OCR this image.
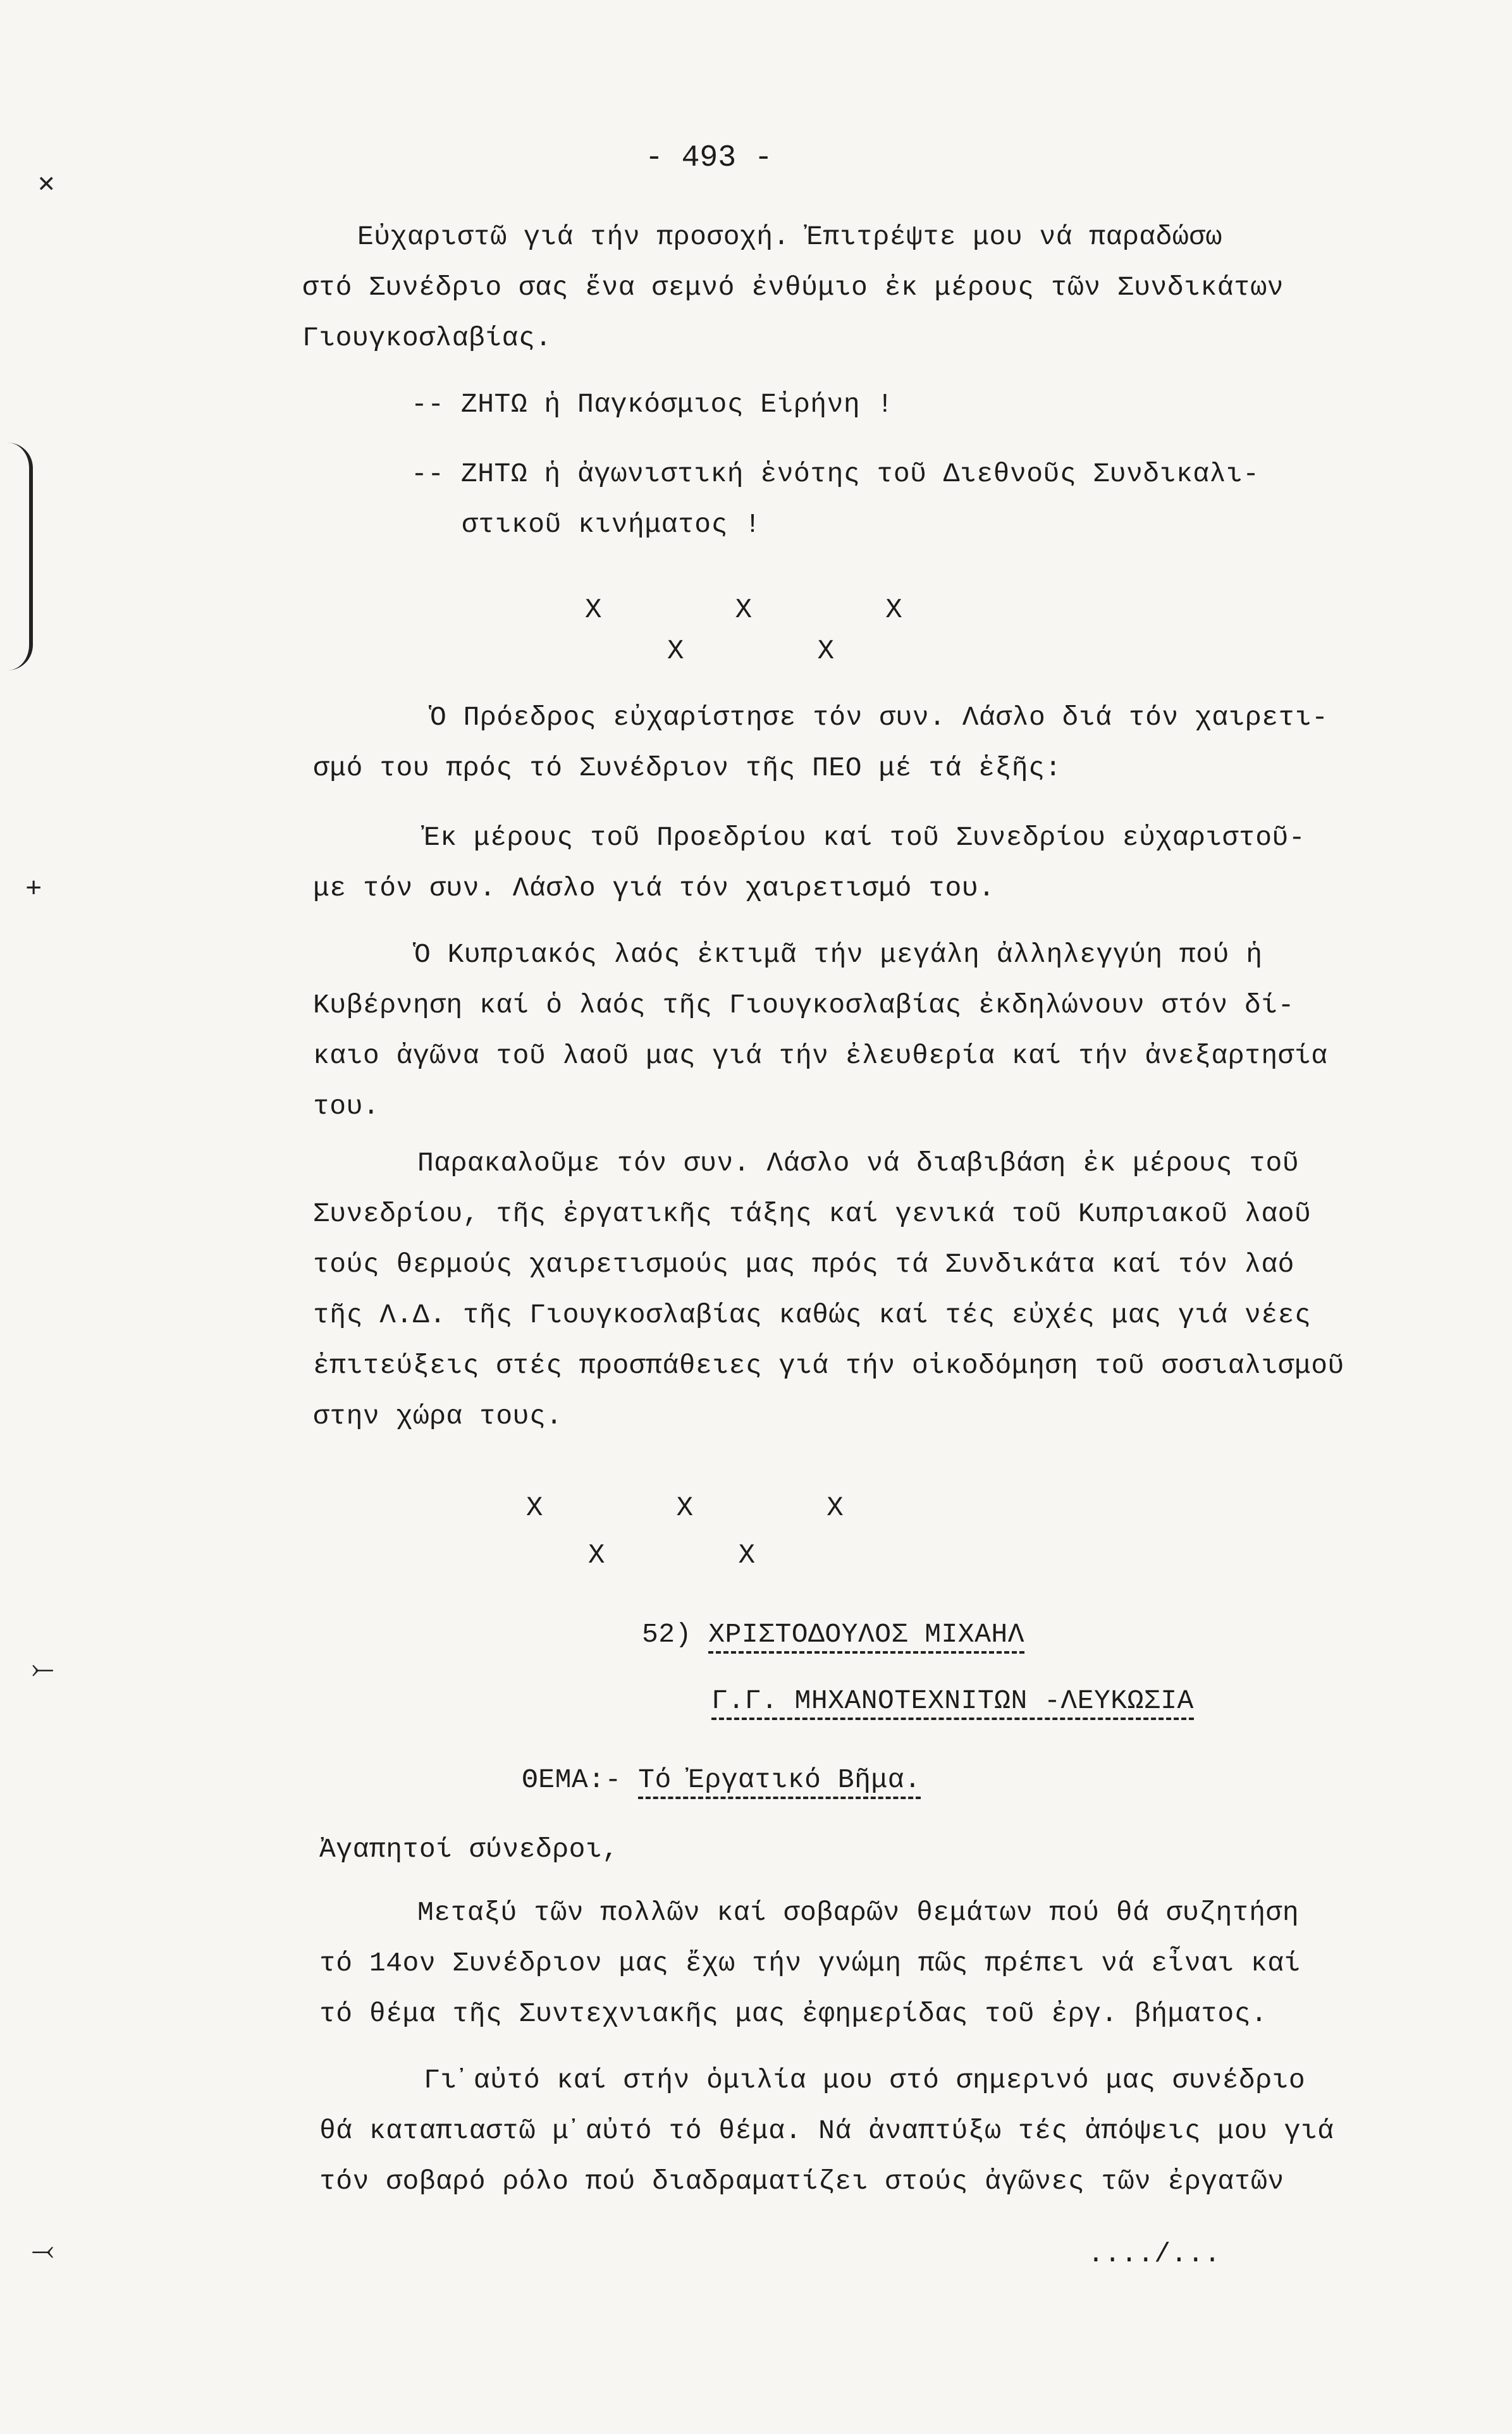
✕
+
⤚
⤙
- 493 -
Εὐχαριστῶ γιά τήν προσοχή. Ἐπιτρέψτε μου νά παραδώσω
στό Συνέδριο σας ἕνα σεμνό ἐνθύμιο ἐκ μέρους τῶν Συνδικάτων
Γιουγκοσλαβίας.
-- ΖΗΤΩ ἡ Παγκόσμιος Εἰρήνη !
-- ΖΗΤΩ ἡ ἀγωνιστική ἑνότης τοῦ Διεθνοῦς Συνδικαλι-
στικοῦ κινήματος !
X        X        X
X        X
Ὁ Πρόεδρος εὐχαρίστησε τόν συν. Λάσλο διά τόν χαιρετι-
σμό του πρός τό Συνέδριον τῆς ΠΕΟ μέ τά ἑξῆς:
Ἐκ μέρους τοῦ Προεδρίου καί τοῦ Συνεδρίου εὐχαριστοῦ-
με τόν συν. Λάσλο γιά τόν χαιρετισμό του.
Ὁ Κυπριακός λαός ἐκτιμᾶ τήν μεγάλη ἀλληλεγγύη πού ἡ
Κυβέρνηση καί ὁ λαός τῆς Γιουγκοσλαβίας ἐκδηλώνουν στόν δί-
καιο ἀγῶνα τοῦ λαοῦ μας γιά τήν ἐλευθερία καί τήν ἀνεξαρτησία
του.
Παρακαλοῦμε τόν συν. Λάσλο νά διαβιβάση ἐκ μέρους τοῦ
Συνεδρίου, τῆς ἐργατικῆς τάξης καί γενικά τοῦ Κυπριακοῦ λαοῦ
τούς θερμούς χαιρετισμούς μας πρός τά Συνδικάτα καί τόν λαό
τῆς Λ.Δ. τῆς Γιουγκοσλαβίας καθώς καί τές εὐχές μας γιά νέες
ἐπιτεύξεις στές προσπάθειες γιά τήν οἰκοδόμηση τοῦ σοσιαλισμοῦ
στην χώρα τους.
X        X        X
X        X
52) ΧΡΙΣΤΟΔΟΥΛΟΣ ΜΙΧΑΗΛ
Γ.Γ. ΜΗΧΑΝΟΤΕΧΝΙΤΩΝ -ΛΕΥΚΩΣΙΑ
ΘΕΜΑ:- Τό Ἐργατικό Βῆμα.
Ἀγαπητοί σύνεδροι,
Μεταξύ τῶν πολλῶν καί σοβαρῶν θεμάτων πού θά συζητήση
τό 14ον Συνέδριον μας ἔχω τήν γνώμη πῶς πρέπει νά εἶναι καί
τό θέμα τῆς Συντεχνιακῆς μας ἐφημερίδας τοῦ ἐργ. βήματος.
Γι᾽αὐτό καί στήν ὁμιλία μου στό σημερινό μας συνέδριο
θά καταπιαστῶ μ᾽αὐτό τό θέμα. Νά ἀναπτύξω τές ἀπόψεις μου γιά
τόν σοβαρό ρόλο πού διαδραματίζει στούς ἀγῶνες τῶν ἐργατῶν
..../...
